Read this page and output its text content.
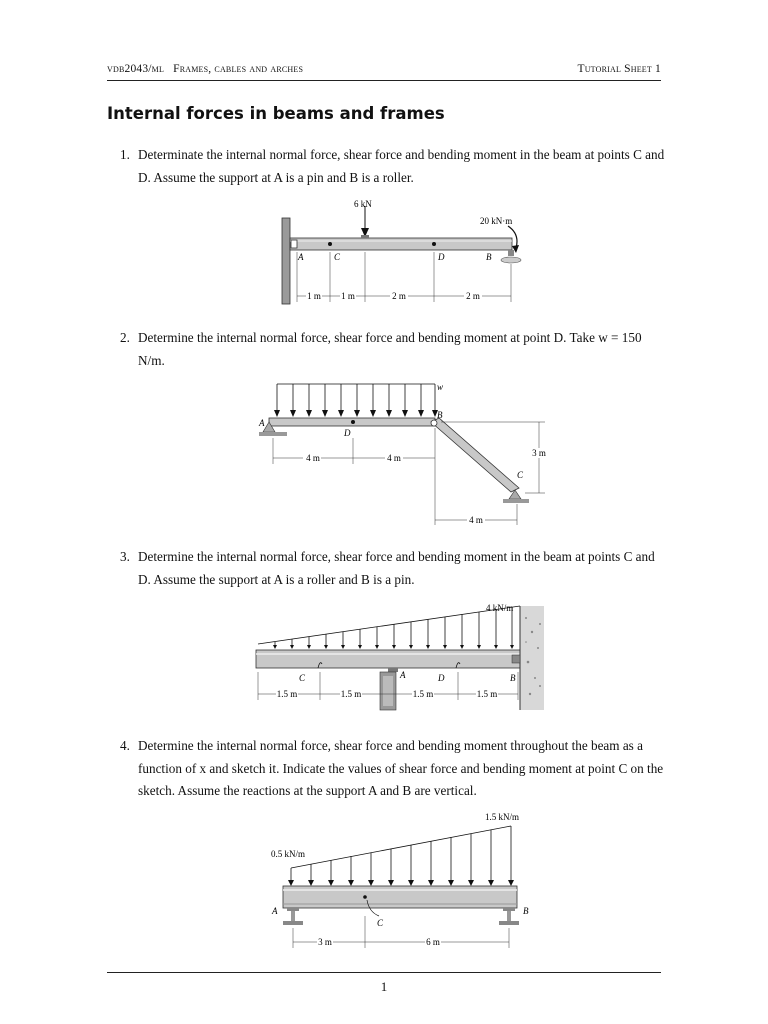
vdb2043/ml Frames, cables and arches	Tutorial Sheet 1
Internal forces in beams and frames
1. Determinate the internal normal force, shear force and bending moment in the beam at points C and D. Assume the support at A is a pin and B is a roller.
6 kN
20 kN·m
A	C	D	B
1 m 1 m	2 m	2 m
2. Determine the internal normal force, shear force and bending moment at point D. Take w = 150 N/m.
w
A
D
B
C
4 m	4 m	3 m
4 m
3. Determine the internal normal force, shear force and bending moment in the beam at points C and D. Assume the support at A is a roller and B is a pin.
4 kN/m
C	A	D	B
1.5 m	1.5 m	1.5 m	1.5 m
4. Determine the internal normal force, shear force and bending moment throughout the beam as a function of x and sketch it. Indicate the values of shear force and bending moment at point C on the sketch. Assume the reactions at the support A and B are vertical.
0.5 kN/m
1.5 kN/m
A
C
B
3 m	6 m
1
